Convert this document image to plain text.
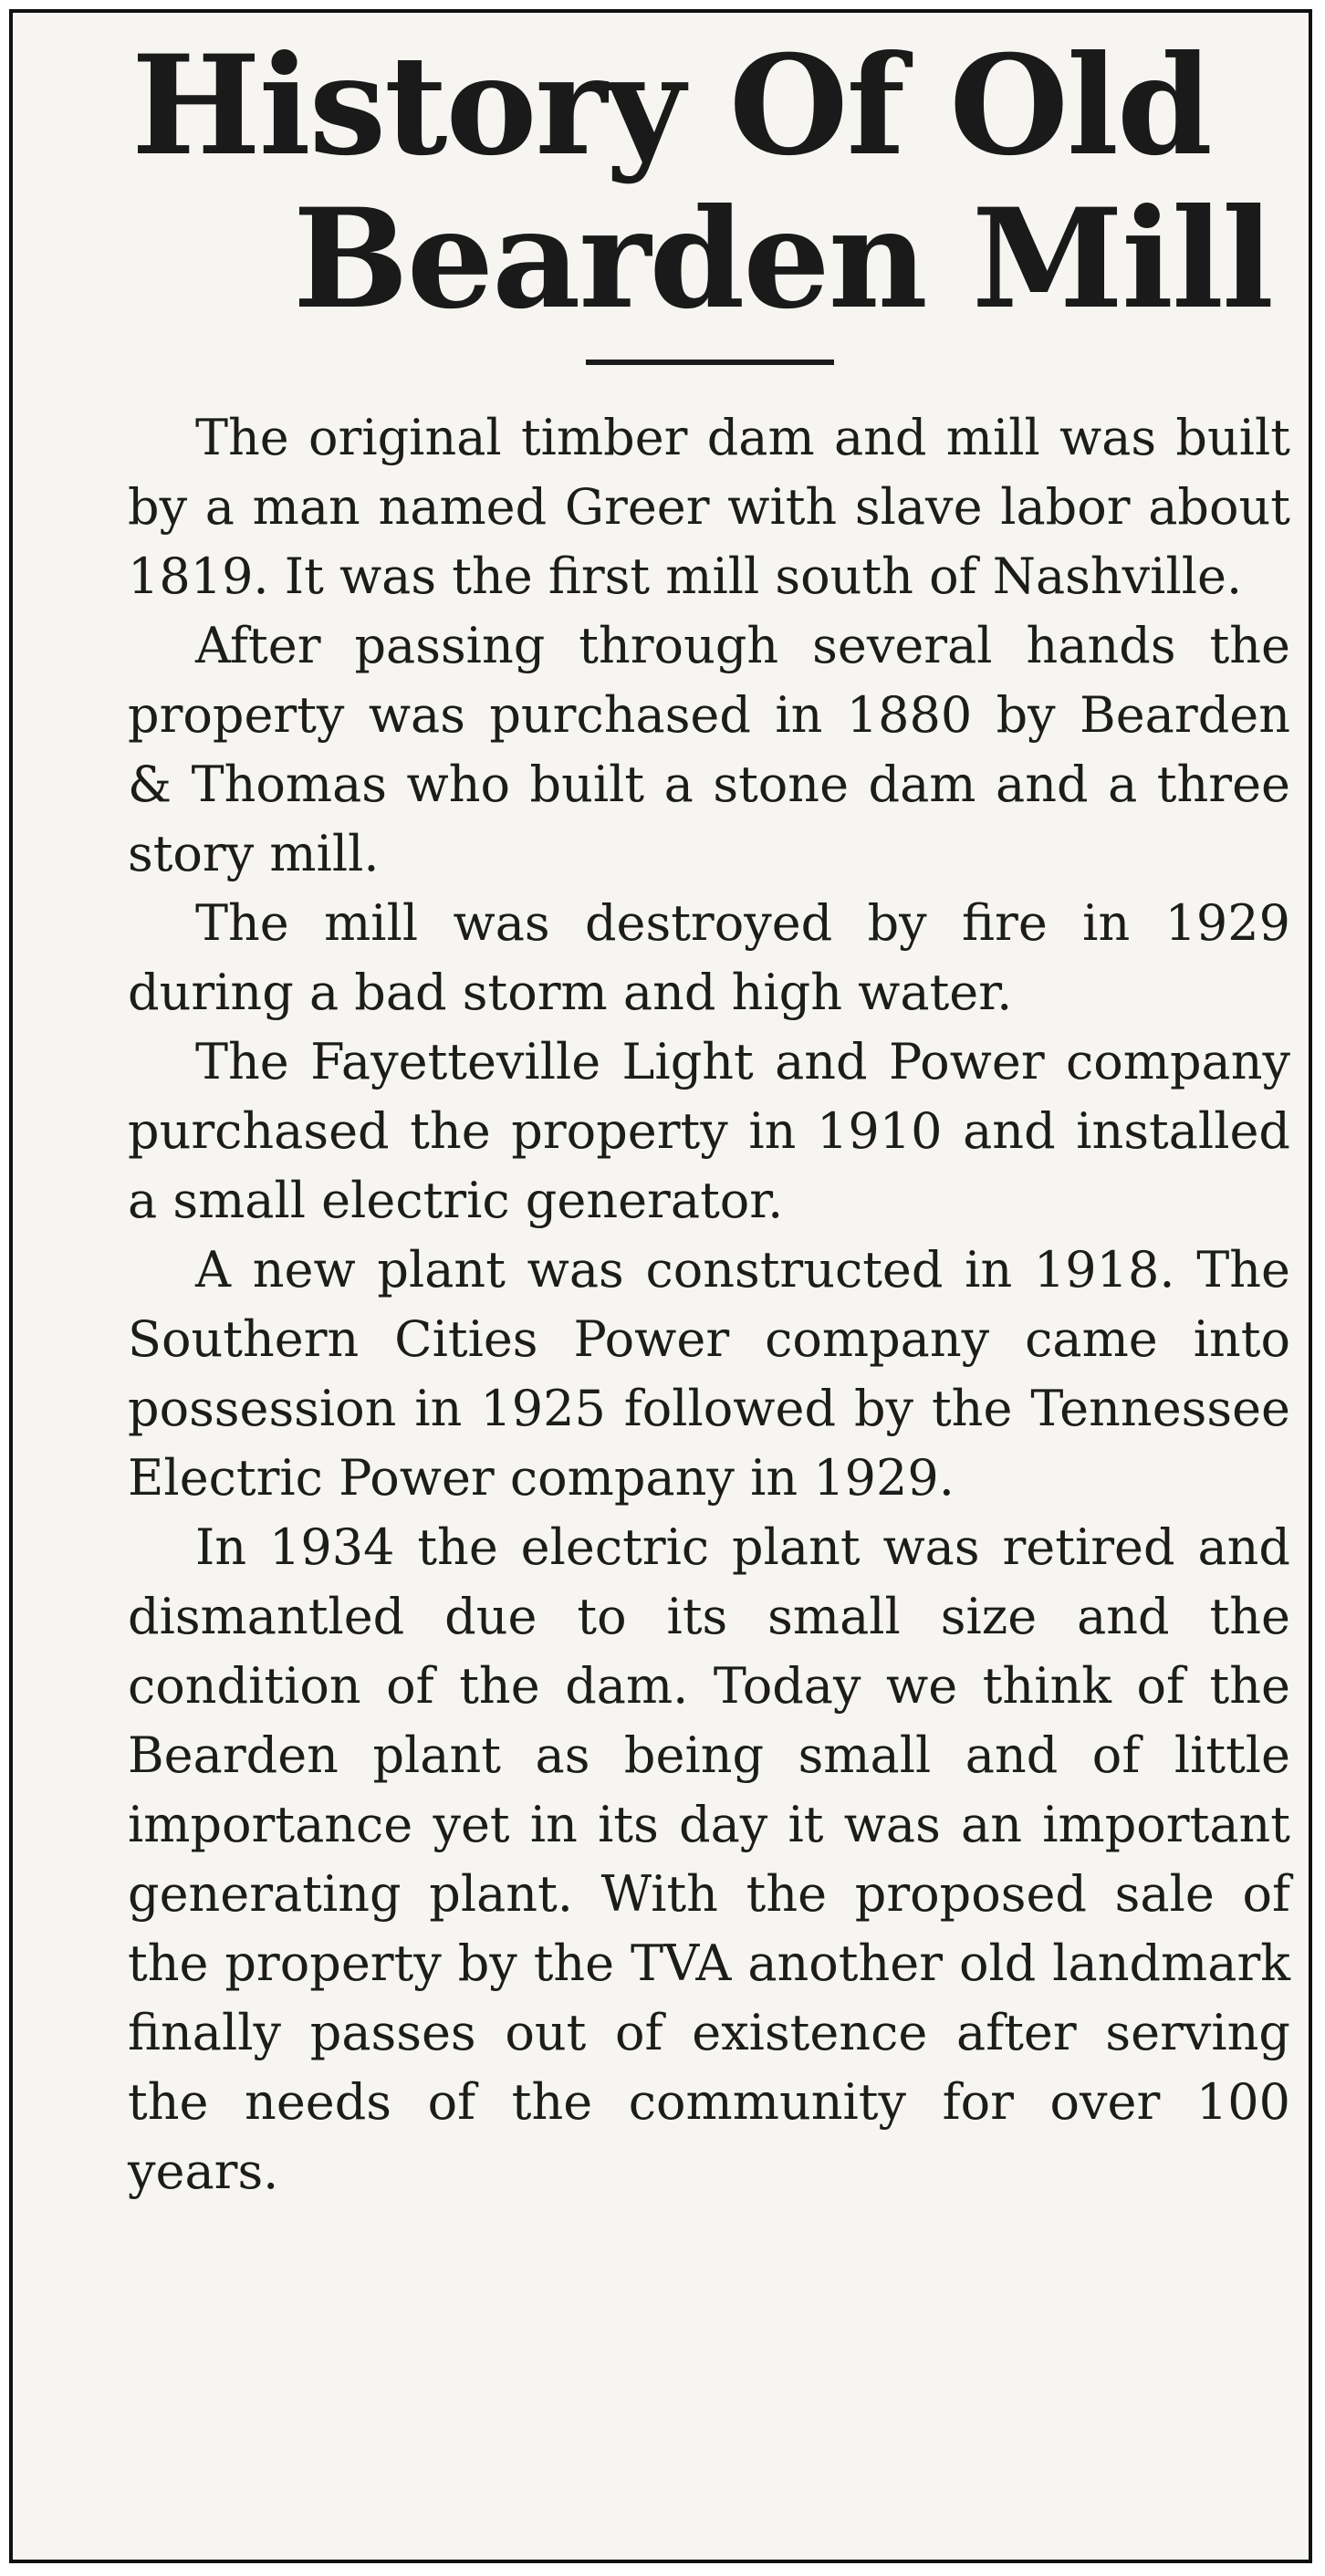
History Of Old
Bearden Mill

The original timber dam and mill was built by a man named Greer with slave labor about 1819. It was the first mill south of Nashville.

After passing through several hands the property was purchased in 1880 by Bearden & Thomas who built a stone dam and a three story mill.

The mill was destroyed by fire in 1929 during a bad storm and high water.

The Fayetteville Light and Power company purchased the property in 1910 and installed a small electric generator.

A new plant was constructed in 1918. The Southern Cities Power company came into possession in 1925 followed by the Tennessee Electric Power company in 1929.

In 1934 the electric plant was retired and dismantled due to its small size and the condition of the dam. Today we think of the Bearden plant as being small and of little importance yet in its day it was an important generating plant. With the proposed sale of the property by the TVA another old landmark finally passes out of existence after serving the needs of the community for over 100 years.
